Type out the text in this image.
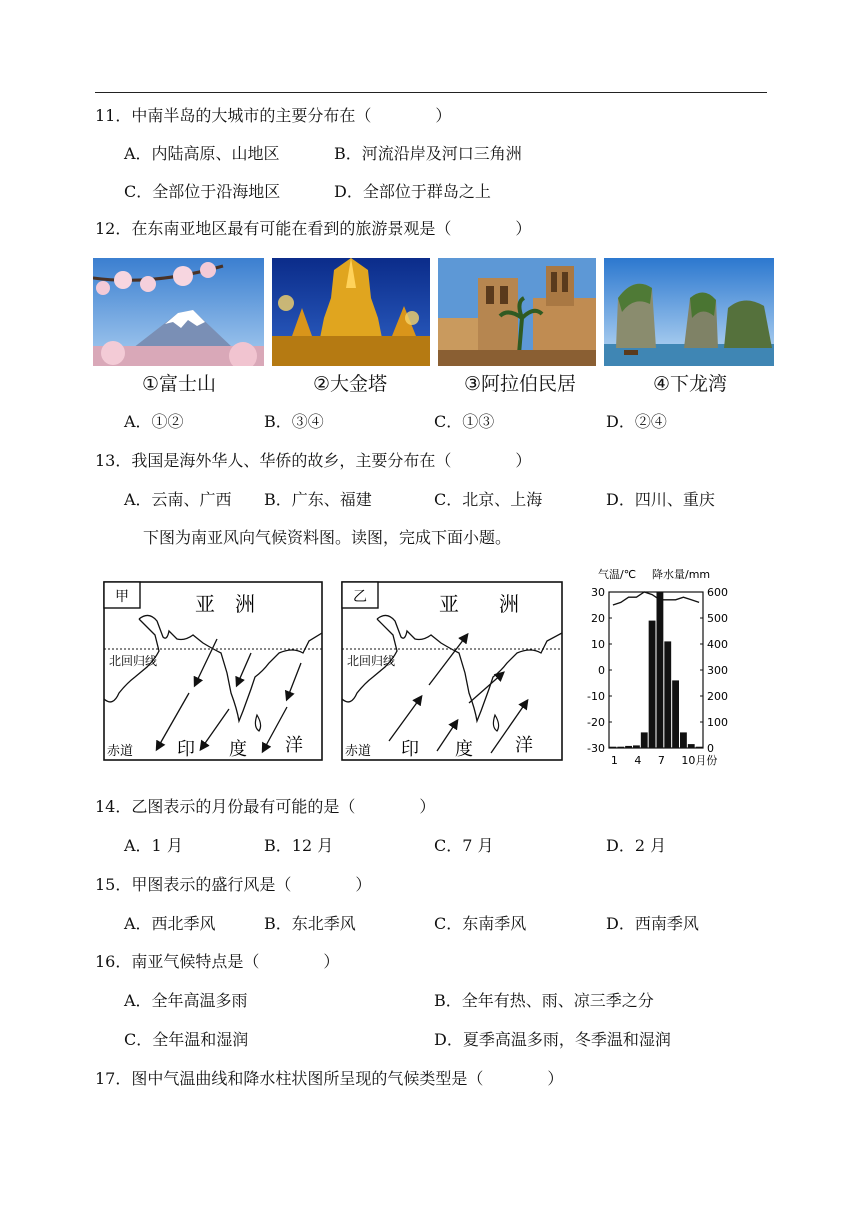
11．中南半岛的大城市的主要分布在（　　　　）
A．内陆高原、山地区	B．河流沿岸及河口三角洲
C．全部位于沿海地区	D．全部位于群岛之上
12．在东南亚地区最有可能在看到的旅游景观是（　　　　）
①富士山	②大金塔	③阿拉伯民居	④下龙湾
A．①②	B．③④	C．①③	D．②④
13．我国是海外华人、华侨的故乡，主要分布在（　　　　）
A．云南、广西 B．广东、福建	C．北京、上海	D．四川、重庆
下图为南亚风向气候资料图。读图，完成下面小题。
甲	亚　洲
北回归线
赤道 印 度 洋
乙	亚　　洲
北回归线
赤道 印 度 洋
气温/℃ 降水量/mm
30
20
10
0
-10
-20
-30
600
500
400
300
200
100
0
1 4 7 10月份
14．乙图表示的月份最有可能的是（　　　　）
A．1 月	B．12 月	C．7 月	D．2 月
15．甲图表示的盛行风是（　　　　）
A．西北季风	B．东北季风	C．东南季风	D．西南季风
16．南亚气候特点是（　　　　）
A．全年高温多雨	B．全年有热、雨、凉三季之分
C．全年温和湿润	D．夏季高温多雨，冬季温和湿润
17．图中气温曲线和降水柱状图所呈现的气候类型是（　　　　）
